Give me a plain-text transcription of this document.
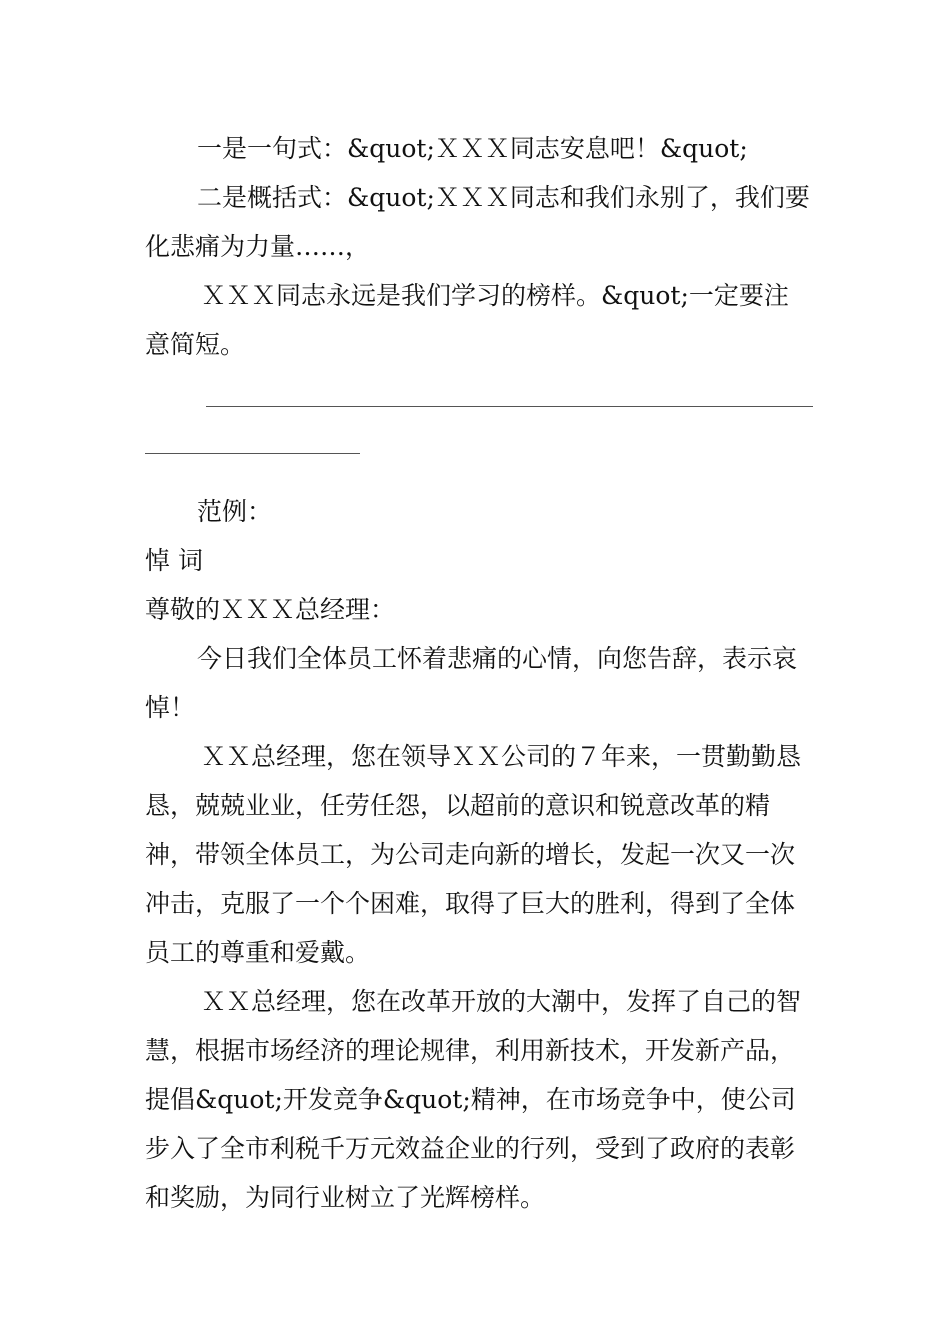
一是一句式：&quot;ＸＸＸ同志安息吧！&quot;

二是概括式：&quot;ＸＸＸ同志和我们永别了，我们要化悲痛为力量……，

ＸＸＸ同志永远是我们学习的榜样。&quot;一定要注意简短。

范例：

悼 词

尊敬的ＸＸＸ总经理：

今日我们全体员工怀着悲痛的心情，向您告辞，表示哀悼！

ＸＸ总经理，您在领导ＸＸ公司的７年来，一贯勤勤恳恳，兢兢业业，任劳任怨，以超前的意识和锐意改革的精神，带领全体员工，为公司走向新的增长，发起一次又一次冲击，克服了一个个困难，取得了巨大的胜利，得到了全体员工的尊重和爱戴。

ＸＸ总经理，您在改革开放的大潮中，发挥了自己的智慧，根据市场经济的理论规律，利用新技术，开发新产品，提倡&quot;开发竞争&quot;精神，在市场竞争中，使公司步入了全市利税千万元效益企业的行列，受到了政府的表彰和奖励，为同行业树立了光辉榜样。
